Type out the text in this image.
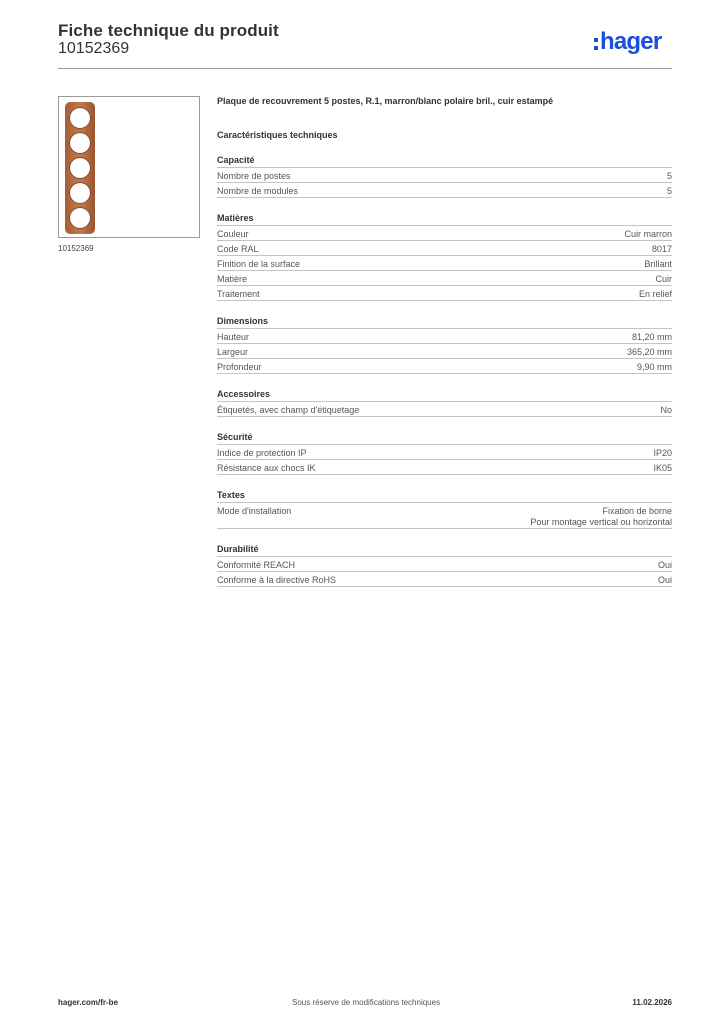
Fiche technique du produit
10152369	hager
10152369
Plaque de recouvrement 5 postes, R.1, marron/blanc polaire bril., cuir estampé
Caractéristiques techniques
Capacité
Nombre de postes	5
Nombre de modules	5
Matières
Couleur	Cuir marron
Code RAL	8017
Finition de la surface	Brillant
Matière	Cuir
Traitement	En relief
Dimensions
Hauteur	81,20 mm
Largeur	365,20 mm
Profondeur	9,90 mm
Accessoires
Étiquetés, avec champ d'étiquetage	No
Sécurité
Indice de protection IP	IP20
Résistance aux chocs IK	IK05
Textes
Mode d'installation	Fixation de borne
Pour montage vertical ou horizontal
Durabilité
Conformité REACH	Oui
Conforme à la directive RoHS	Oui
hager.com/fr-be	Sous réserve de modifications techniques	11.02.2026
